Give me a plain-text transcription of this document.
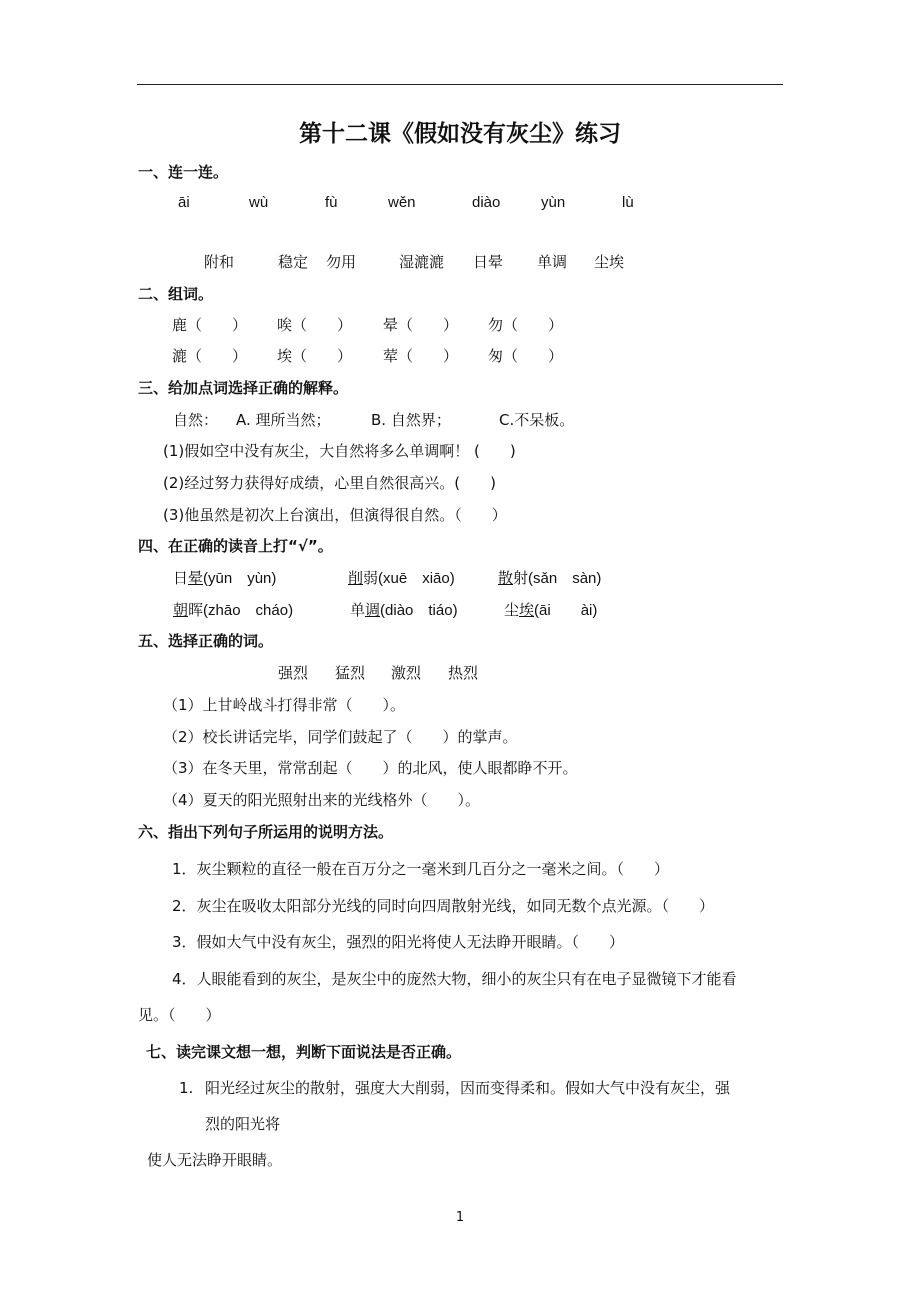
第十二课《假如没有灰尘》练习
一、连一连。
āi	wù	fù	wěn	diào	yùn	lù
附和	稳定 勿用	湿漉漉 日晕 单调 尘埃
二、组词。
鹿（　　） 唉（　　） 晕（　　） 勿（　　）
漉（　　） 埃（　　） 荤（　　） 匆（　　）
三、给加点词选择正确的解释。
自然： A. 理所当然；	B. 自然界；	C.不呆板。
(1)假如空中没有灰尘，大自然将多么单调啊！ (　　)
(2)经过努力获得好成绩，心里自然很高兴。(　　)
(3)他虽然是初次上台演出，但演得很自然。（　　）
四、在正确的读音上打“√”。
日晕(yūn　yùn)	削弱(xuē　xiāo)	散射(sǎn　sàn)
朝晖(zhāo　cháo)	单调(diào　tiáo)	尘埃(āi　　ài)
五、选择正确的词。
强烈 猛烈 激烈 热烈
（1）上甘岭战斗打得非常（　　）。
（2）校长讲话完毕，同学们鼓起了（　　）的掌声。
（3）在冬天里，常常刮起（　　）的北风，使人眼都睁不开。
（4）夏天的阳光照射出来的光线格外（　　）。
六、指出下列句子所运用的说明方法。
1．灰尘颗粒的直径一般在百万分之一毫米到几百分之一毫米之间。（　　）
2．灰尘在吸收太阳部分光线的同时向四周散射光线，如同无数个点光源。（　　）
3．假如大气中没有灰尘，强烈的阳光将使人无法睁开眼睛。（　　）
4．人眼能看到的灰尘，是灰尘中的庞然大物，细小的灰尘只有在电子显微镜下才能看
见。（　　）
七、读完课文想一想，判断下面说法是否正确。
1. 阳光经过灰尘的散射，强度大大削弱，因而变得柔和。假如大气中没有灰尘，强
烈的阳光将
使人无法睁开眼睛。
1
